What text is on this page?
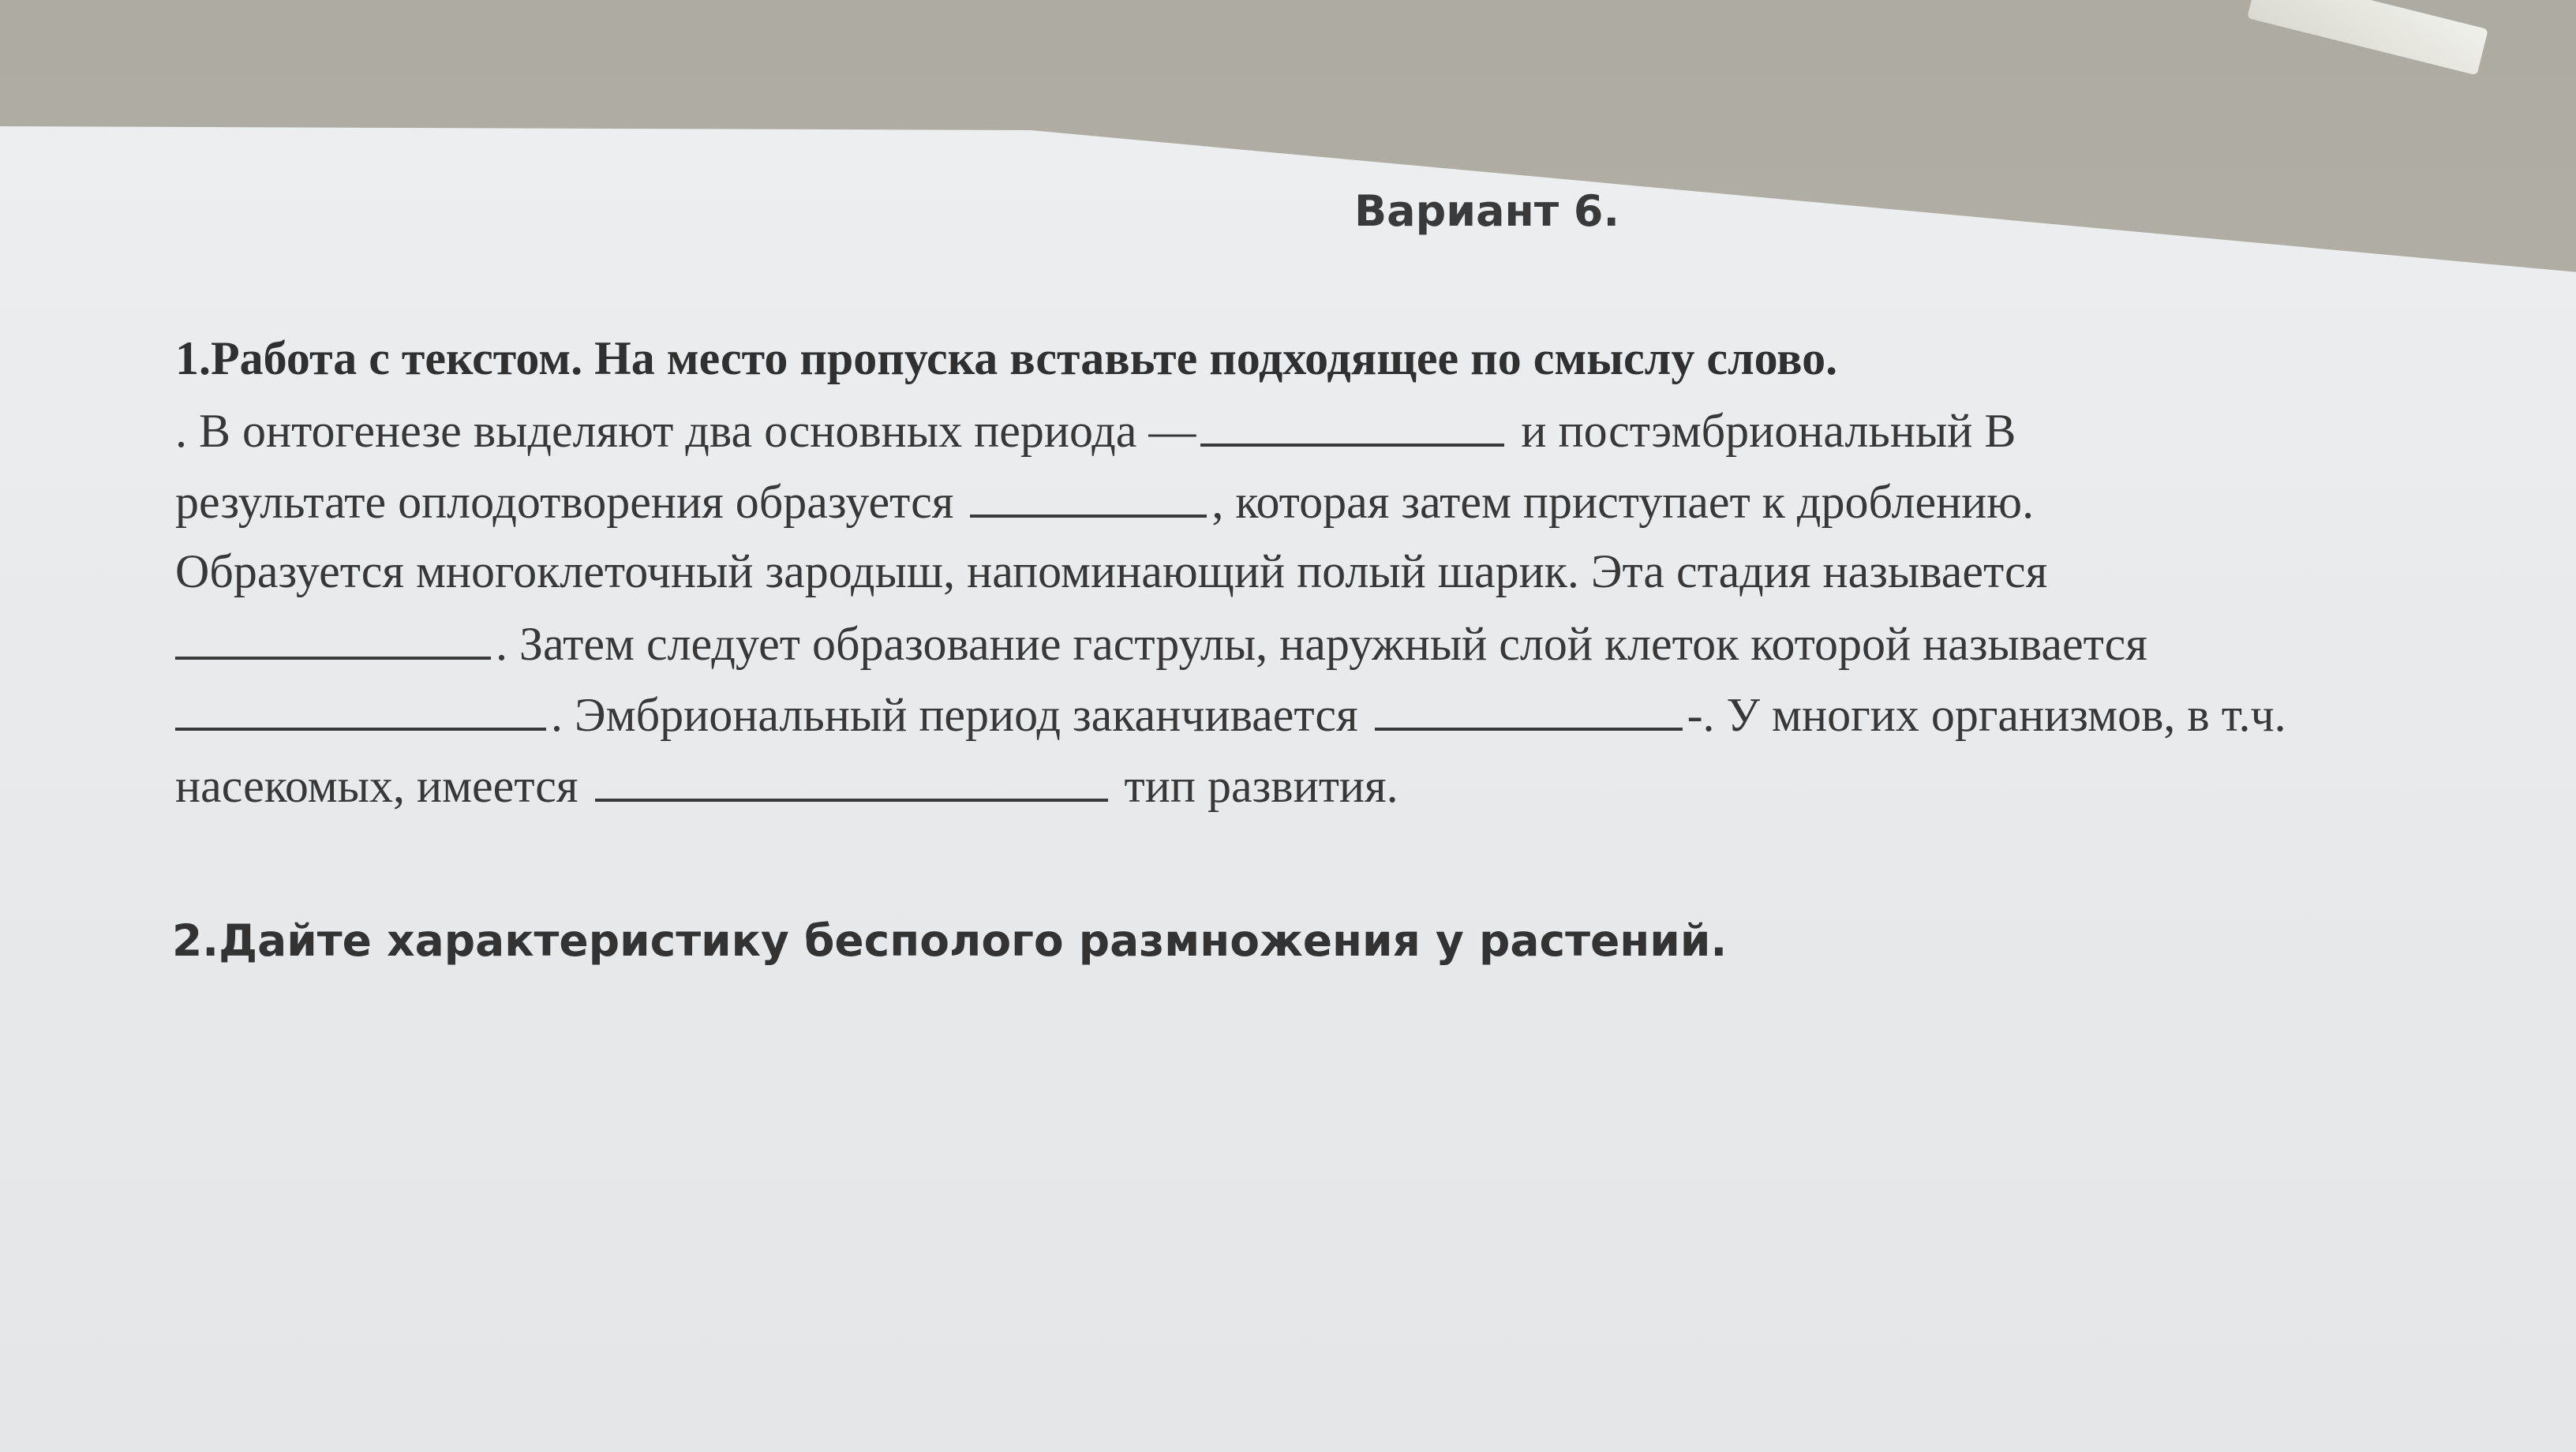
Вариант 6.

1.Работа с текстом. На место пропуска вставьте подходящее по смыслу слово.

. В онтогенезе выделяют два основных периода —	и постэмбриональный В

результате оплодотворения образуется	, которая затем приступает к дроблению.

Образуется многоклеточный зародыш, напоминающий полый шарик. Эта стадия называется

. Затем следует образование гаструлы, наружный слой клеток которой называется

. Эмбриональный период заканчивается	-. У многих организмов, в т.ч.

насекомых, имеется	тип развития.

2.Дайте характеристику бесполого размножения у растений.
